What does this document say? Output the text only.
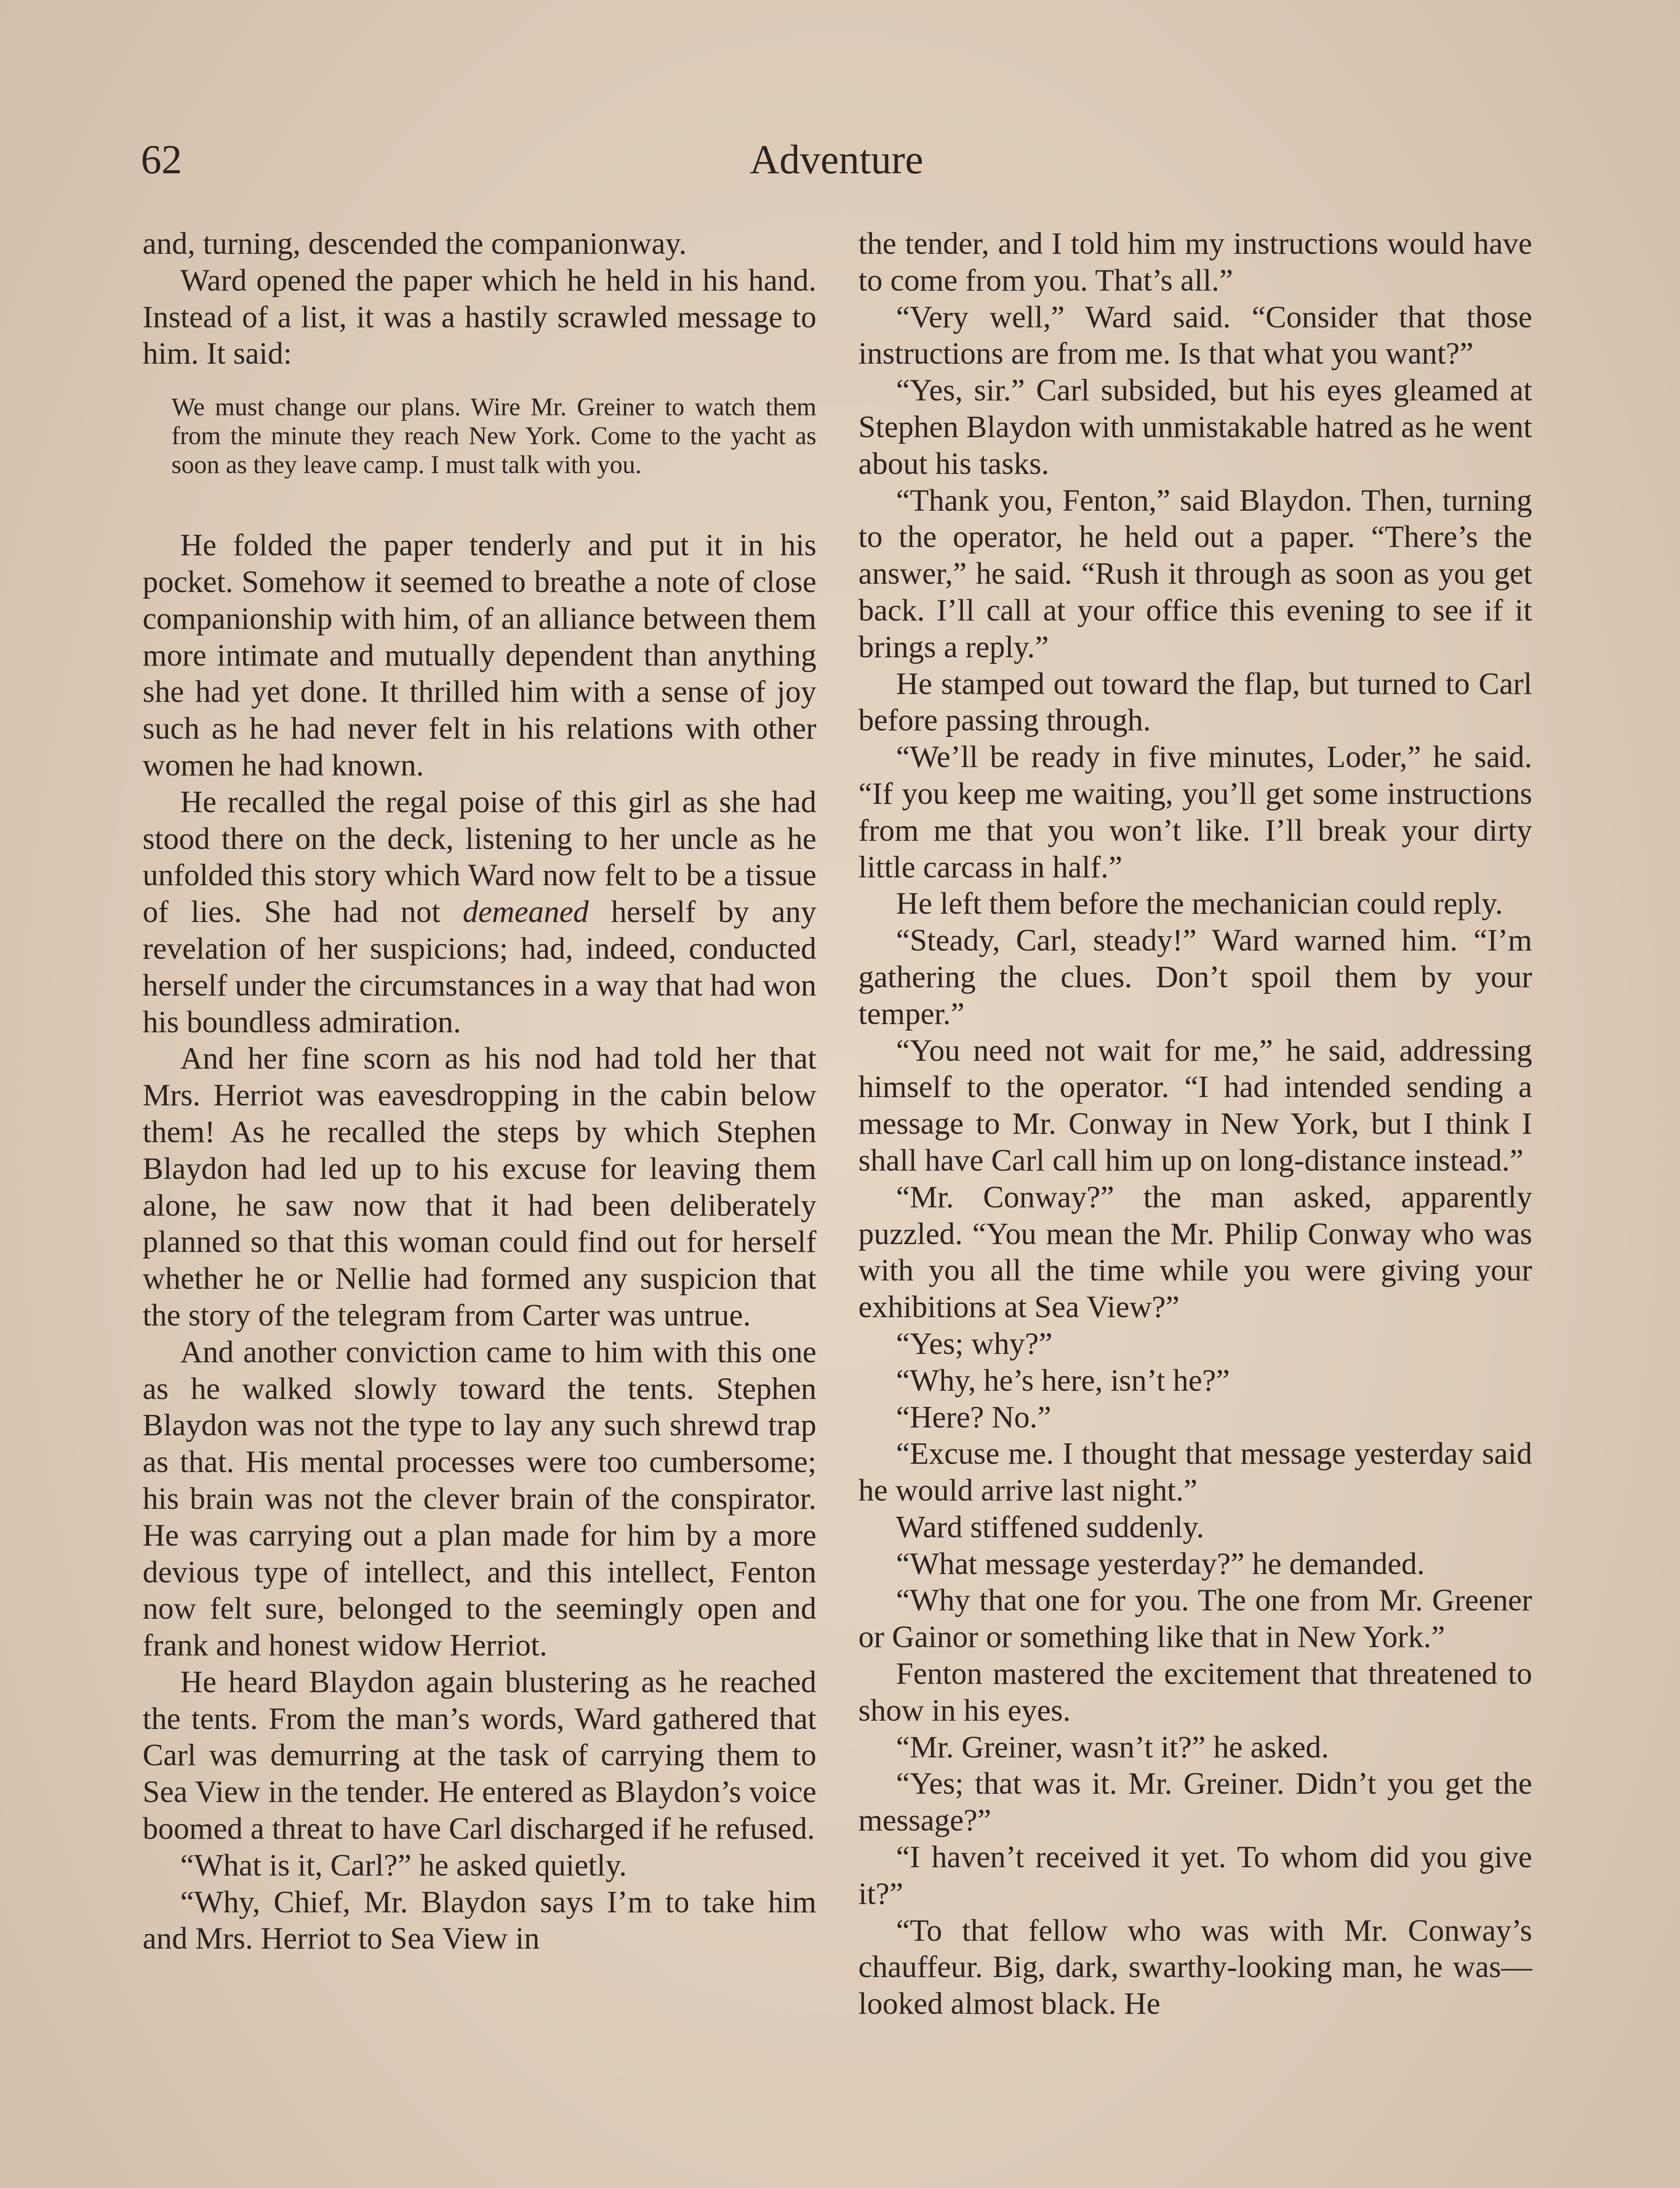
62	Adventure

and, turning, descended the companionway.

Ward opened the paper which he held in his hand. Instead of a list, it was a hastily scrawled message to him. It said:

We must change our plans. Wire Mr. Greiner to watch them from the minute they reach New York. Come to the yacht as soon as they leave camp. I must talk with you.

He folded the paper tenderly and put it in his pocket. Somehow it seemed to breathe a note of close companionship with him, of an alliance between them more intimate and mutually dependent than anything she had yet done. It thrilled him with a sense of joy such as he had never felt in his relations with other women he had known.

He recalled the regal poise of this girl as she had stood there on the deck, listening to her uncle as he unfolded this story which Ward now felt to be a tissue of lies. She had not demeaned herself by any revelation of her suspicions; had, indeed, conducted herself under the circumstances in a way that had won his boundless admiration.

And her fine scorn as his nod had told her that Mrs. Herriot was eavesdropping in the cabin below them! As he recalled the steps by which Stephen Blaydon had led up to his excuse for leaving them alone, he saw now that it had been deliberately planned so that this woman could find out for herself whether he or Nellie had formed any suspicion that the story of the telegram from Carter was untrue.

And another conviction came to him with this one as he walked slowly toward the tents. Stephen Blaydon was not the type to lay any such shrewd trap as that. His mental processes were too cumbersome; his brain was not the clever brain of the conspirator. He was carrying out a plan made for him by a more devious type of intellect, and this intellect, Fenton now felt sure, belonged to the seemingly open and frank and honest widow Herriot.

He heard Blaydon again blustering as he reached the tents. From the man’s words, Ward gathered that Carl was demurring at the task of carrying them to Sea View in the tender. He entered as Blaydon’s voice boomed a threat to have Carl discharged if he refused.

“What is it, Carl?” he asked quietly.

“Why, Chief, Mr. Blaydon says I’m to take him and Mrs. Herriot to Sea View in

the tender, and I told him my instructions would have to come from you. That’s all.”

“Very well,” Ward said. “Consider that those instructions are from me. Is that what you want?”

“Yes, sir.” Carl subsided, but his eyes gleamed at Stephen Blaydon with unmistakable hatred as he went about his tasks.

“Thank you, Fenton,” said Blaydon. Then, turning to the operator, he held out a paper. “There’s the answer,” he said. “Rush it through as soon as you get back. I’ll call at your office this evening to see if it brings a reply.”

He stamped out toward the flap, but turned to Carl before passing through.

“We’ll be ready in five minutes, Loder,” he said. “If you keep me waiting, you’ll get some instructions from me that you won’t like. I’ll break your dirty little carcass in half.”

He left them before the mechanician could reply.

“Steady, Carl, steady!” Ward warned him. “I’m gathering the clues. Don’t spoil them by your temper.”

“You need not wait for me,” he said, addressing himself to the operator. “I had intended sending a message to Mr. Conway in New York, but I think I shall have Carl call him up on long-distance instead.”

“Mr. Conway?” the man asked, apparently puzzled. “You mean the Mr. Philip Conway who was with you all the time while you were giving your exhibitions at Sea View?”

“Yes; why?”

“Why, he’s here, isn’t he?”

“Here? No.”

“Excuse me. I thought that message yesterday said he would arrive last night.”

Ward stiffened suddenly.

“What message yesterday?” he demanded.

“Why that one for you. The one from Mr. Greener or Gainor or something like that in New York.”

Fenton mastered the excitement that threatened to show in his eyes.

“Mr. Greiner, wasn’t it?” he asked.

“Yes; that was it. Mr. Greiner. Didn’t you get the message?”

“I haven’t received it yet. To whom did you give it?”

“To that fellow who was with Mr. Conway’s chauffeur. Big, dark, swarthy-looking man, he was—looked almost black. He
